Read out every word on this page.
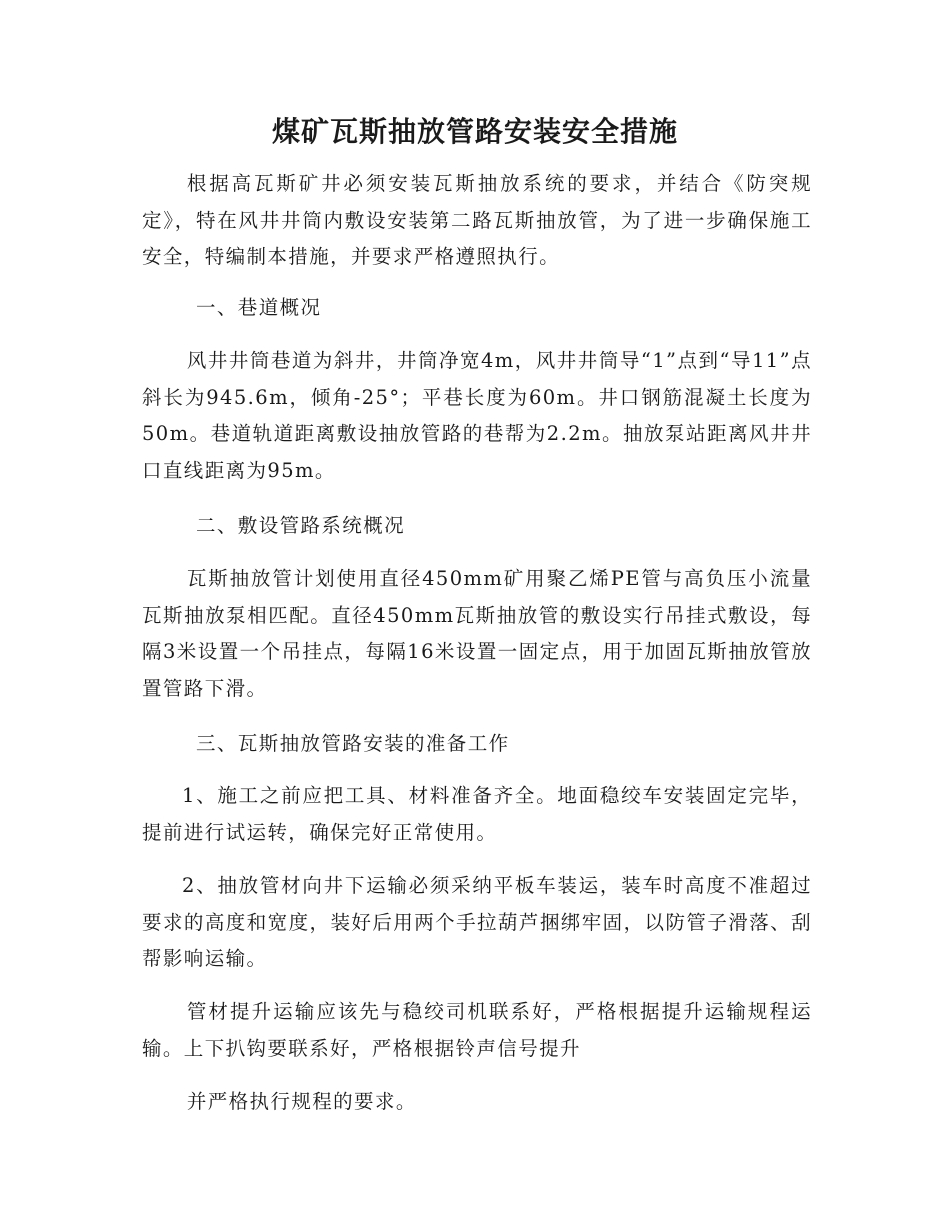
煤矿瓦斯抽放管路安装安全措施

根据高瓦斯矿井必须安装瓦斯抽放系统的要求，并结合《防突规定》，特在风井井筒内敷设安装第二路瓦斯抽放管，为了进一步确保施工安全，特编制本措施，并要求严格遵照执行。

一、巷道概况

风井井筒巷道为斜井，井筒净宽4m，风井井筒导“1”点到“导11”点斜长为945.6m，倾角-25°；平巷长度为60m。井口钢筋混凝土长度为50m。巷道轨道距离敷设抽放管路的巷帮为2.2m。抽放泵站距离风井井口直线距离为95m。

二、敷设管路系统概况

瓦斯抽放管计划使用直径450mm矿用聚乙烯PE管与高负压小流量瓦斯抽放泵相匹配。直径450mm瓦斯抽放管的敷设实行吊挂式敷设，每隔3米设置一个吊挂点，每隔16米设置一固定点，用于加固瓦斯抽放管放置管路下滑。

三、瓦斯抽放管路安装的准备工作

1、施工之前应把工具、材料准备齐全。地面稳绞车安装固定完毕，提前进行试运转，确保完好正常使用。

2、抽放管材向井下运输必须采纳平板车装运，装车时高度不准超过要求的高度和宽度，装好后用两个手拉葫芦捆绑牢固，以防管子滑落、刮帮影响运输。

管材提升运输应该先与稳绞司机联系好，严格根据提升运输规程运输。上下扒钩要联系好，严格根据铃声信号提升

并严格执行规程的要求。
